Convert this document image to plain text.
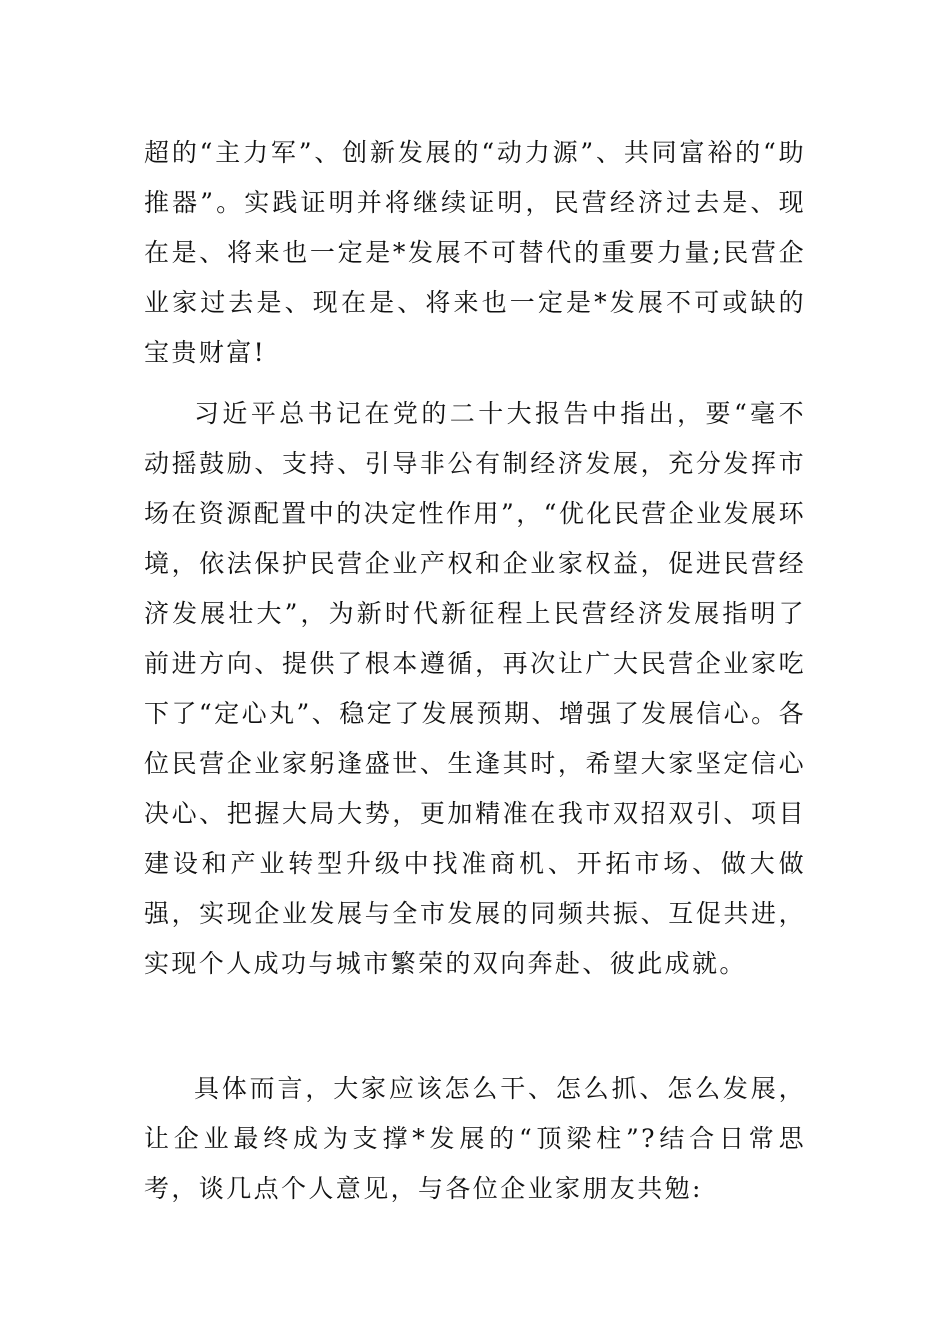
超的“主力军”、创新发展的“动力源”、共同富裕的“助推器”。实践证明并将继续证明，民营经济过去是、现在是、将来也一定是*发展不可替代的重要力量;民营企业家过去是、现在是、将来也一定是*发展不可或缺的宝贵财富!

习近平总书记在党的二十大报告中指出，要“毫不动摇鼓励、支持、引导非公有制经济发展，充分发挥市场在资源配置中的决定性作用”，“优化民营企业发展环境，依法保护民营企业产权和企业家权益，促进民营经济发展壮大”，为新时代新征程上民营经济发展指明了前进方向、提供了根本遵循，再次让广大民营企业家吃下了“定心丸”、稳定了发展预期、增强了发展信心。各位民营企业家躬逢盛世、生逢其时，希望大家坚定信心决心、把握大局大势，更加精准在我市双招双引、项目建设和产业转型升级中找准商机、开拓市场、做大做强，实现企业发展与全市发展的同频共振、互促共进，实现个人成功与城市繁荣的双向奔赴、彼此成就。

具体而言，大家应该怎么干、怎么抓、怎么发展，让企业最终成为支撑*发展的“顶梁柱”?结合日常思考，谈几点个人意见，与各位企业家朋友共勉:
